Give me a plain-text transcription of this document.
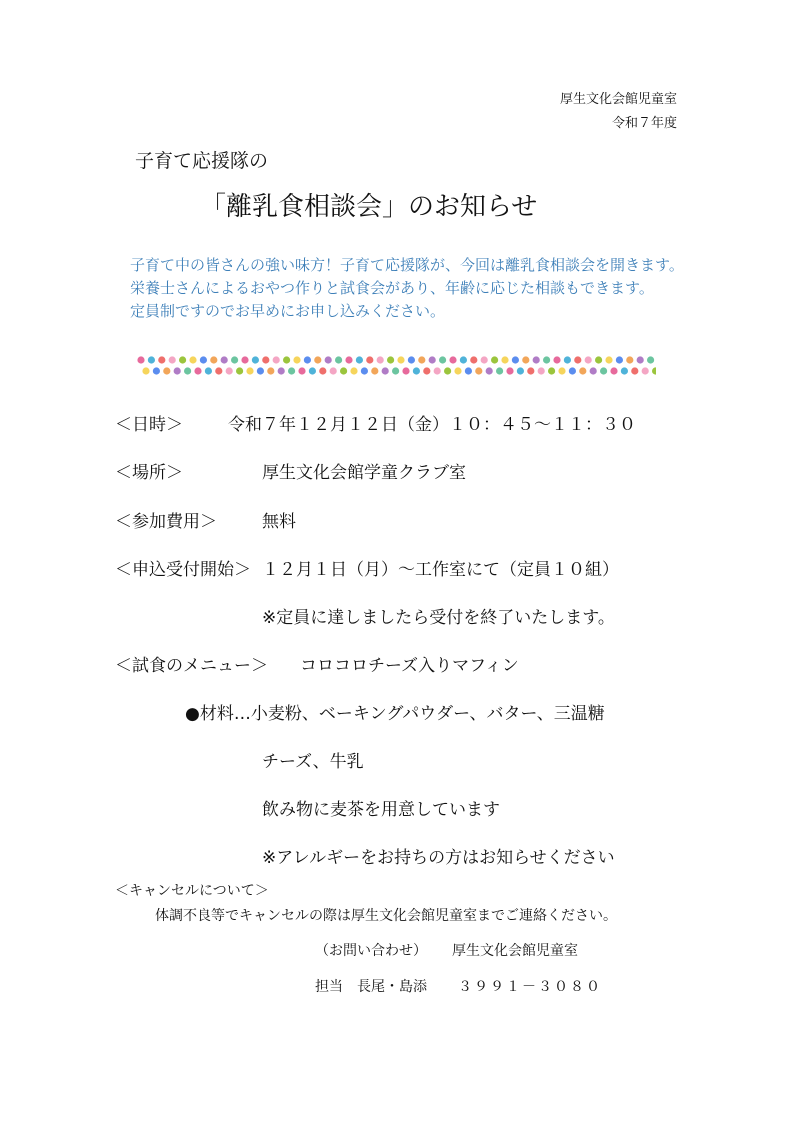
厚生文化会館児童室
令和７年度
子育て応援隊の
「離乳食相談会」のお知らせ

　子育て中の皆さんの強い味方！子育て応援隊が、今回は離乳食相談会を開きます。

　栄養士さんによるおやつ作りと試食会があり、年齢に応じた相談もできます。

　定員制ですのでお早めにお申し込みください。

＜日時＞	令和７年１２月１２日（金）１０：４５～１１：３０
＜場所＞	厚生文化会館学童クラブ室
＜参加費用＞	無料
＜申込受付開始＞ １２月１日（月）～工作室にて（定員１０組）
※定員に達しましたら受付を終了いたします。
＜試食のメニュー＞ コロコロチーズ入りマフィン
●材料…小麦粉、ベーキングパウダー、バター、三温糖
チーズ、牛乳
飲み物に麦茶を用意しています
※アレルギーをお持ちの方はお知らせください
＜キャンセルについて＞
体調不良等でキャンセルの際は厚生文化会館児童室までご連絡ください。
（お問い合わせ） 厚生文化会館児童室
担当　長尾・島添 ３９９１－３０８０
